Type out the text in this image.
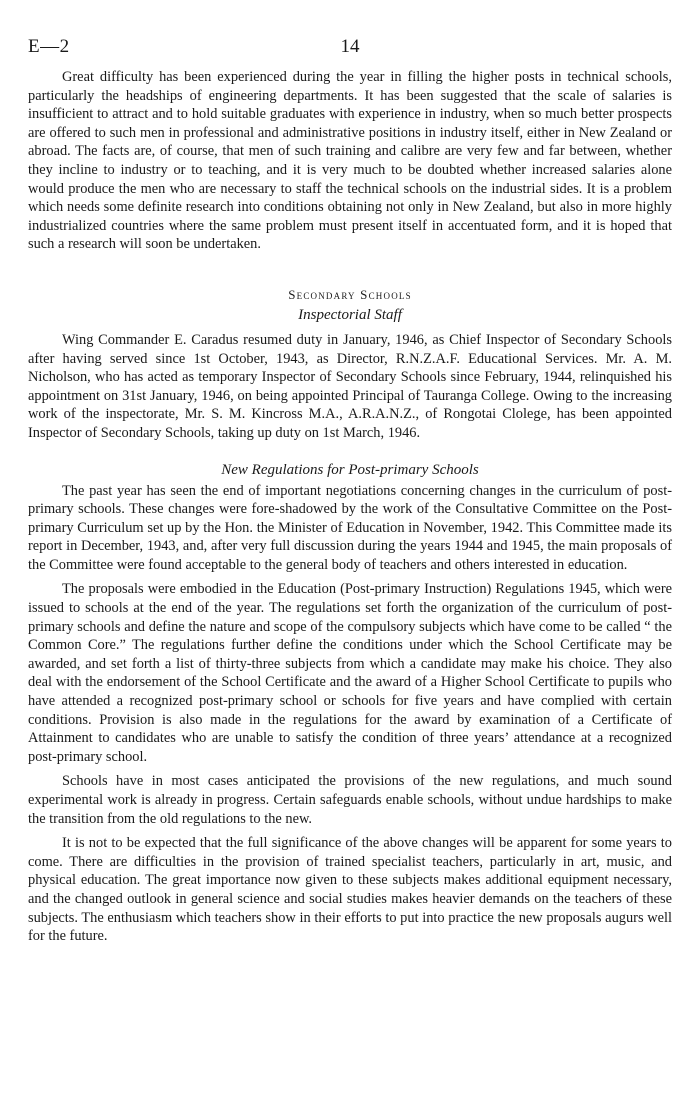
E—2	14

Great difficulty has been experienced during the year in filling the higher posts in technical schools, particularly the headships of engineering departments. It has been suggested that the scale of salaries is insufficient to attract and to hold suitable graduates with experience in industry, when so much better prospects are offered to such men in professional and administrative positions in industry itself, either in New Zealand or abroad. The facts are, of course, that men of such training and calibre are very few and far between, whether they incline to industry or to teaching, and it is very much to be doubted whether increased salaries alone would produce the men who are necessary to staff the technical schools on the industrial sides. It is a problem which needs some definite research into conditions obtaining not only in New Zealand, but also in more highly industrialized countries where the same problem must present itself in accentuated form, and it is hoped that such a research will soon be undertaken.

Secondary Schools
Inspectorial Staff

Wing Commander E. Caradus resumed duty in January, 1946, as Chief Inspector of Secondary Schools after having served since 1st October, 1943, as Director, R.N.Z.A.F. Educational Services. Mr. A. M. Nicholson, who has acted as temporary Inspector of Secondary Schools since February, 1944, relinquished his appointment on 31st January, 1946, on being appointed Principal of Tauranga College. Owing to the increasing work of the inspectorate, Mr. S. M. Kincross M.A., A.R.A.N.Z., of Rongotai Clolege, has been appointed Inspector of Secondary Schools, taking up duty on 1st March, 1946.

New Regulations for Post-primary Schools

The past year has seen the end of important negotiations concerning changes in the curriculum of post-primary schools. These changes were fore-shadowed by the work of the Consultative Committee on the Post-primary Curriculum set up by the Hon. the Minister of Education in November, 1942. This Committee made its report in December, 1943, and, after very full discussion during the years 1944 and 1945, the main proposals of the Committee were found acceptable to the general body of teachers and others interested in education.

The proposals were embodied in the Education (Post-primary Instruction) Regulations 1945, which were issued to schools at the end of the year. The regulations set forth the organization of the curriculum of post-primary schools and define the nature and scope of the compulsory subjects which have come to be called “ the Common Core.” The regulations further define the conditions under which the School Certificate may be awarded, and set forth a list of thirty-three subjects from which a candidate may make his choice. They also deal with the endorsement of the School Certificate and the award of a Higher School Certificate to pupils who have attended a recognized post-primary school or schools for five years and have complied with certain conditions. Provision is also made in the regulations for the award by examination of a Certificate of Attainment to candidates who are unable to satisfy the condition of three years’ attendance at a recognized post-primary school.

Schools have in most cases anticipated the provisions of the new regulations, and much sound experimental work is already in progress. Certain safeguards enable schools, without undue hardships to make the transition from the old regulations to the new.

It is not to be expected that the full significance of the above changes will be apparent for some years to come. There are difficulties in the provision of trained specialist teachers, particularly in art, music, and physical education. The great importance now given to these subjects makes additional equipment necessary, and the changed outlook in general science and social studies makes heavier demands on the teachers of these subjects. The enthusiasm which teachers show in their efforts to put into practice the new proposals augurs well for the future.
